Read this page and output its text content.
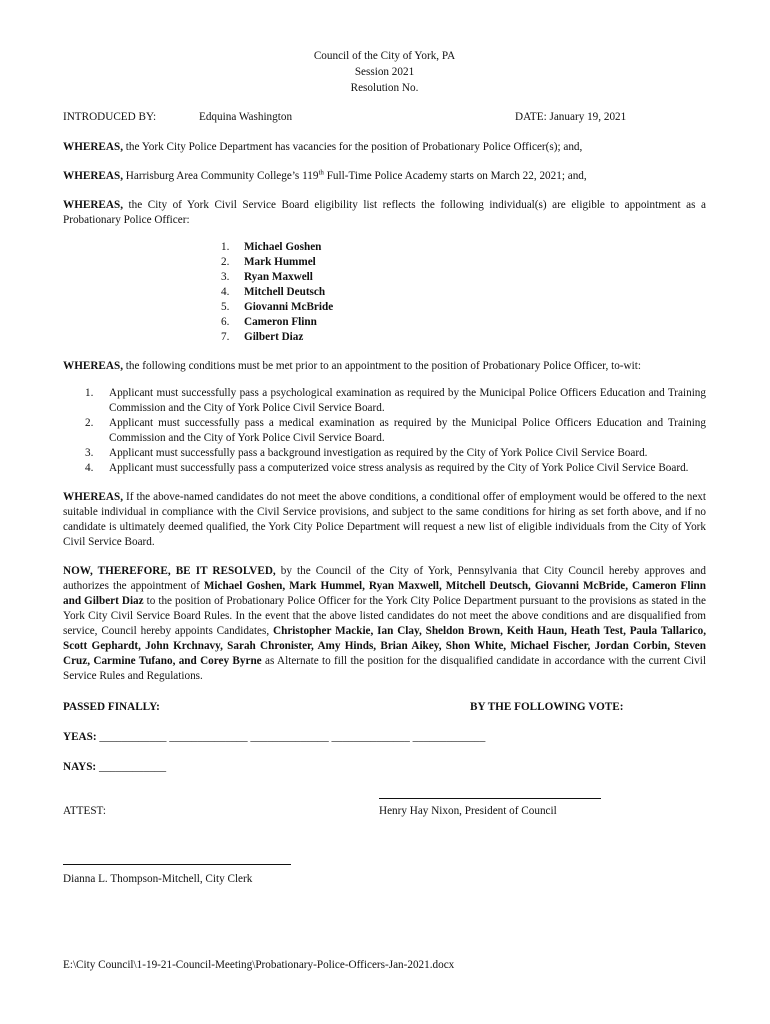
Council of the City of York, PA
Session 2021
Resolution No.
INTRODUCED BY:	Edquina Washington	DATE: January 19, 2021
WHEREAS, the York City Police Department has vacancies for the position of Probationary Police Officer(s); and,
WHEREAS, Harrisburg Area Community College’s 119th Full-Time Police Academy starts on March 22, 2021; and,
WHEREAS, the City of York Civil Service Board eligibility list reflects the following individual(s) are eligible to appointment as a Probationary Police Officer:
1. Michael Goshen
2. Mark Hummel
3. Ryan Maxwell
4. Mitchell Deutsch
5. Giovanni McBride
6. Cameron Flinn
7. Gilbert Diaz
WHEREAS, the following conditions must be met prior to an appointment to the position of Probationary Police Officer, to-wit:
1. Applicant must successfully pass a psychological examination as required by the Municipal Police Officers Education and Training Commission and the City of York Police Civil Service Board.
2. Applicant must successfully pass a medical examination as required by the Municipal Police Officers Education and Training Commission and the City of York Police Civil Service Board.
3. Applicant must successfully pass a background investigation as required by the City of York Police Civil Service Board.
4. Applicant must successfully pass a computerized voice stress analysis as required by the City of York Police Civil Service Board.
WHEREAS, If the above-named candidates do not meet the above conditions, a conditional offer of employment would be offered to the next suitable individual in compliance with the Civil Service provisions, and subject to the same conditions for hiring as set forth above, and if no candidate is ultimately deemed qualified, the York City Police Department will request a new list of eligible individuals from the City of York Civil Service Board.
NOW, THEREFORE, BE IT RESOLVED, by the Council of the City of York, Pennsylvania that City Council hereby approves and authorizes the appointment of Michael Goshen, Mark Hummel, Ryan Maxwell, Mitchell Deutsch, Giovanni McBride, Cameron Flinn and Gilbert Diaz to the position of Probationary Police Officer for the York City Police Department pursuant to the provisions as stated in the York City Civil Service Board Rules. In the event that the above listed candidates do not meet the above conditions and are disqualified from service, Council hereby appoints Candidates, Christopher Mackie, Ian Clay, Sheldon Brown, Keith Haun, Heath Test, Paula Tallarico, Scott Gephardt, John Krchnavy, Sarah Chronister, Amy Hinds, Brian Aikey, Shon White, Michael Fischer, Jordan Corbin, Steven Cruz, Carmine Tufano, and Corey Byrne as Alternate to fill the position for the disqualified candidate in accordance with the current Civil Service Rules and Regulations.
PASSED FINALLY:	BY THE FOLLOWING VOTE:
YEAS: ____________ ______________ ______________ ______________ _____________
NAYS: ____________
ATTEST:	Henry Hay Nixon, President of Council
Dianna L. Thompson-Mitchell, City Clerk
E:\City Council\1-19-21-Council-Meeting\Probationary-Police-Officers-Jan-2021.docx
